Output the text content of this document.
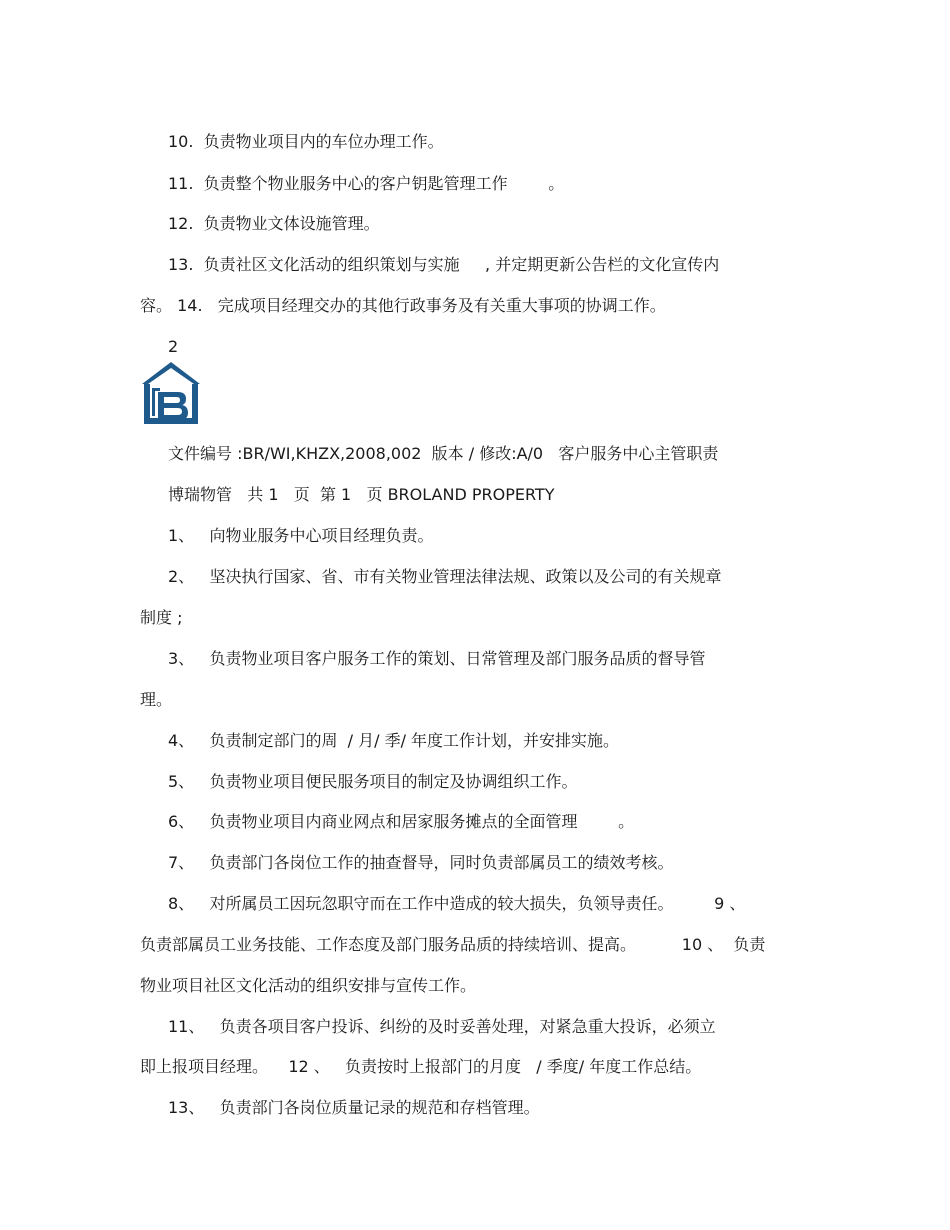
10.  负责物业项目内的车位办理工作。
11.  负责整个物业服务中心的客户钥匙管理工作        。
12.  负责物业文体设施管理。
13.  负责社区文化活动的组织策划与实施     , 并定期更新公告栏的文化宣传内
容。 14.   完成项目经理交办的其他行政事务及有关重大事项的协调工作。
2
文件编号 :BR/WI,KHZX,2008,002  版本 / 修改:A/0   客户服务中心主管职责
博瑞物管   共 1   页  第 1   页 BROLAND PROPERTY
1、   向物业服务中心项目经理负责。
2、   坚决执行国家、省、市有关物业管理法律法规、政策以及公司的有关规章
制度 ;
3、   负责物业项目客户服务工作的策划、日常管理及部门服务品质的督导管
理。
4、   负责制定部门的周  / 月/ 季/ 年度工作计划，并安排实施。
5、   负责物业项目便民服务项目的制定及协调组织工作。
6、   负责物业项目内商业网点和居家服务摊点的全面管理        。
7、   负责部门各岗位工作的抽查督导，同时负责部属员工的绩效考核。
8、   对所属员工因玩忽职守而在工作中造成的较大损失，负领导责任。        9 、
负责部属员工业务技能、工作态度及部门服务品质的持续培训、提高。         10 、  负责
物业项目社区文化活动的组织安排与宣传工作。
11、   负责各项目客户投诉、纠纷的及时妥善处理，对紧急重大投诉，必须立
即上报项目经理。    12 、   负责按时上报部门的月度   / 季度/ 年度工作总结。
13、   负责部门各岗位质量记录的规范和存档管理。
